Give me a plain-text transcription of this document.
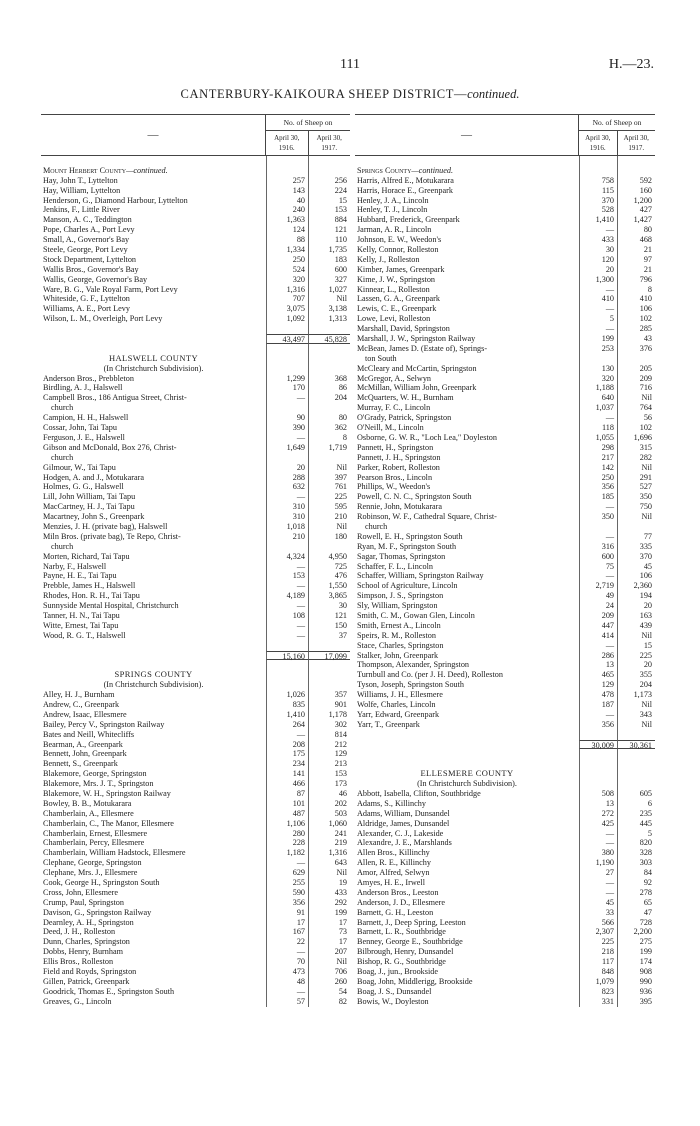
111	H.—23.
CANTERBURY-KAIKOURA SHEEP DISTRICT—continued.
—
No. of Sheep on
April 30, 1916.
April 30, 1917.
Mount Herbert County—continued.
Hay, John T., Lyttelton	257	256
Hay, William, Lyttelton	143	224
Henderson, G., Diamond Harbour, Lyttelton	40	15
Jenkins, F., Little River	240	153
Manson, A. C., Teddington	1,363	884
Pope, Charles A., Port Levy	124	121
Small, A., Governor's Bay	88	110
Steele, George, Port Levy	1,334	1,735
Stock Department, Lyttelton	250	183
Wallis Bros., Governor's Bay	524	600
Wallis, George, Governor's Bay	320	327
Ware, B. G., Vale Royal Farm, Port Levy	1,316	1,027
Whiteside, G. F., Lyttelton	707	Nil
Williams, A. E., Port Levy	3,075	3,138
Wilson, L. M., Overleigh, Port Levy	1,092	1,313
43,497	45,828
HALSWELL COUNTY
(In Christchurch Subdivision).
Anderson Bros., Prebbleton	1,299	368
Birdling, A. J., Halswell	170	86
Campbell Bros., 186 Antigua Street, Christ-	—	204
church
Campion, H. H., Halswell	90	80
Cossar, John, Tai Tapu	390	362
Ferguson, J. E., Halswell	—	8
Gibson and McDonald, Box 276, Christ-	1,649	1,719
church
Gilmour, W., Tai Tapu	20	Nil
Hodgen, A. and J., Motukarara	288	397
Holmes, G. G., Halswell	632	761
Lill, John William, Tai Tapu	—	225
MacCartney, H. J., Tai Tapu	310	595
Macartney, John S., Greenpark	310	210
Menzies, J. H. (private bag), Halswell	1,018	Nil
Miln Bros. (private bag), Te Repo, Christ-	210	180
church
Morten, Richard, Tai Tapu	4,324	4,950
Narby, F., Halswell	—	725
Payne, H. E., Tai Tapu	153	476
Prebble, James H., Halswell	—	1,550
Rhodes, Hon. R. H., Tai Tapu	4,189	3,865
Sunnyside Mental Hospital, Christchurch	—	30
Tanner, H. N., Tai Tapu	108	121
Witte, Ernest, Tai Tapu	—	150
Wood, R. G. T., Halswell	—	37
15,160	17,099
SPRINGS COUNTY
(In Christchurch Subdivision).
Alley, H. J., Burnham	1,026	357
Andrew, C., Greenpark	835	901
Andrew, Isaac, Ellesmere	1,410	1,178
Bailey, Percy V., Springston Railway	264	302
Bates and Neill, Whitecliffs	—	814
Bearman, A., Greenpark	208	212
Bennett, John, Greenpark	175	129
Bennett, S., Greenpark	234	213
Blakemore, George, Springston	141	153
Blakemore, Mrs. J. T., Springston	466	173
Blakemore, W. H., Springston Railway	87	46
Bowley, B. B., Motukarara	101	202
Chamberlain, A., Ellesmere	487	503
Chamberlain, C., The Manor, Ellesmere	1,106	1,060
Chamberlain, Ernest, Ellesmere	280	241
Chamberlain, Percy, Ellesmere	228	219
Chamberlain, William Hadstock, Ellesmere	1,182	1,316
Clephane, George, Springston	—	643
Clephane, Mrs. J., Ellesmere	629	Nil
Cook, George H., Springston South	255	19
Cross, John, Ellesmere	590	433
Crump, Paul, Springston	356	292
Davison, G., Springston Railway	91	199
Dearnley, A. H., Springston	17	17
Deed, J. H., Rolleston	167	73
Dunn, Charles, Springston	22	17
Dobbs, Henry, Burnham	—	207
Ellis Bros., Rolleston	70	Nil
Field and Royds, Springston	473	706
Gillen, Patrick, Greenpark	48	260
Goodrick, Thomas E., Springston South	—	54
Greaves, G., Lincoln	57	82
—
No. of Sheep on
April 30, 1916.
April 30, 1917.
Springs County—continued.
Harris, Alfred E., Motukarara	758	592
Harris, Horace E., Greenpark	115	160
Henley, J. A., Lincoln	370	1,200
Henley, T. J., Lincoln	528	427
Hubbard, Frederick, Greenpark	1,410	1,427
Jarman, A. R., Lincoln	—	80
Johnson, E. W., Weedon's	433	468
Kelly, Connor, Rolleston	30	21
Kelly, J., Rolleston	120	97
Kimber, James, Greenpark	20	21
Kime, J. W., Springston	1,300	796
Kinnear, L., Rolleston	—	8
Lassen, G. A., Greenpark	410	410
Lewis, C. E., Greenpark	—	106
Lowe, Levi, Rolleston	5	102
Marshall, David, Springston	—	285
Marshall, J. W., Springston Railway	199	43
McBean, James D. (Estate of), Springs-	253	376
ton South
McCleary and McCartin, Springston	130	205
McGregor, A., Selwyn	320	209
McMillan, William John, Greenpark	1,188	716
McQuarters, W. H., Burnham	640	Nil
Murray, F. C., Lincoln	1,037	764
O'Grady, Patrick, Springston	—	56
O'Neill, M., Lincoln	118	102
Osborne, G. W. R., "Loch Lea," Doyleston	1,055	1,696
Pannett, H., Springston	298	315
Pannett, J. H., Springston	217	282
Parker, Robert, Rolleston	142	Nil
Pearson Bros., Lincoln	250	291
Phillips, W., Weedon's	356	527
Powell, C. N. C., Springston South	185	350
Rennie, John, Motukarara	—	750
Robinson, W. F., Cathedral Square, Christ-	350	Nil
church
Rowell, E. H., Springston South	—	77
Ryan, M. F., Springston South	316	335
Sagar, Thomas, Springston	600	370
Schaffer, F. L., Lincoln	75	45
Schaffer, William, Springston Railway	—	106
School of Agriculture, Lincoln	2,719	2,360
Simpson, J. S., Springston	49	194
Sly, William, Springston	24	20
Smith, C. M., Gowan Glen, Lincoln	209	163
Smith, Ernest A., Lincoln	447	439
Speirs, R. M., Rolleston	414	Nil
Stace, Charles, Springston	—	15
Stalker, John, Greenpark	286	225
Thompson, Alexander, Springston	13	20
Turnbull and Co. (per J. H. Deed), Rolleston	465	355
Tyson, Joseph, Springston South	129	204
Williams, J. H., Ellesmere	478	1,173
Wolfe, Charles, Lincoln	187	Nil
Yarr, Edward, Greenpark	—	343
Yarr, T., Greenpark	356	Nil
30,009	30,361
ELLESMERE COUNTY
(In Christchurch Subdivision).
Abbott, Isabella, Clifton, Southbridge	508	605
Adams, S., Killinchy	13	6
Adams, William, Dunsandel	272	235
Aldridge, James, Dunsandel	425	445
Alexander, C. J., Lakeside	—	5
Alexandre, J. E., Marshlands	—	820
Allen Bros., Killinchy	380	328
Allen, R. E., Killinchy	1,190	303
Amor, Alfred, Selwyn	27	84
Amyes, H. E., Irwell	—	92
Anderson Bros., Leeston	—	278
Anderson, J. D., Ellesmere	45	65
Barnett, G. H., Leeston	33	47
Barnett, J., Deep Spring, Leeston	566	728
Barnett, L. R., Southbridge	2,307	2,200
Benney, George E., Southbridge	225	275
Bilbrough, Henry, Dunsandel	218	199
Bishop, R. G., Southbridge	117	174
Boag, J., jun., Brookside	848	908
Boag, John, Middlerigg, Brookside	1,079	990
Boag, J. S., Dunsandel	823	936
Bowis, W., Doyleston	331	395
